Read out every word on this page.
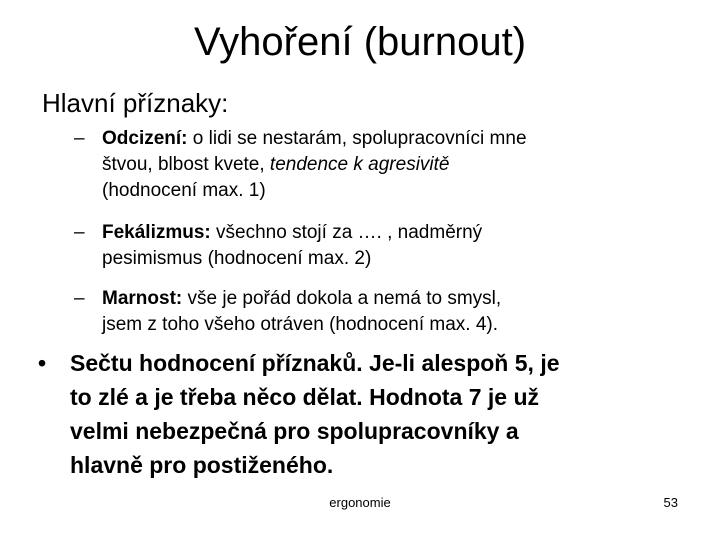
Vyhoření (burnout)
Hlavní příznaky:
– Odcizení: o lidi se nestarám, spolupracovníci mne
štvou, blbost kvete, tendence k agresivitě
(hodnocení max. 1)
– Fekálizmus: všechno stojí za …. , nadměrný
pesimismus (hodnocení max. 2)
– Marnost: vše je pořád dokola a nemá to smysl,
jsem z toho všeho otráven (hodnocení max. 4).
•	Sečtu hodnocení příznaků. Je-li alespoň 5, je
to zlé a je třeba něco dělat. Hodnota 7 je už
velmi nebezpečná pro spolupracovníky a
hlavně pro postiženého.
ergonomie	53
